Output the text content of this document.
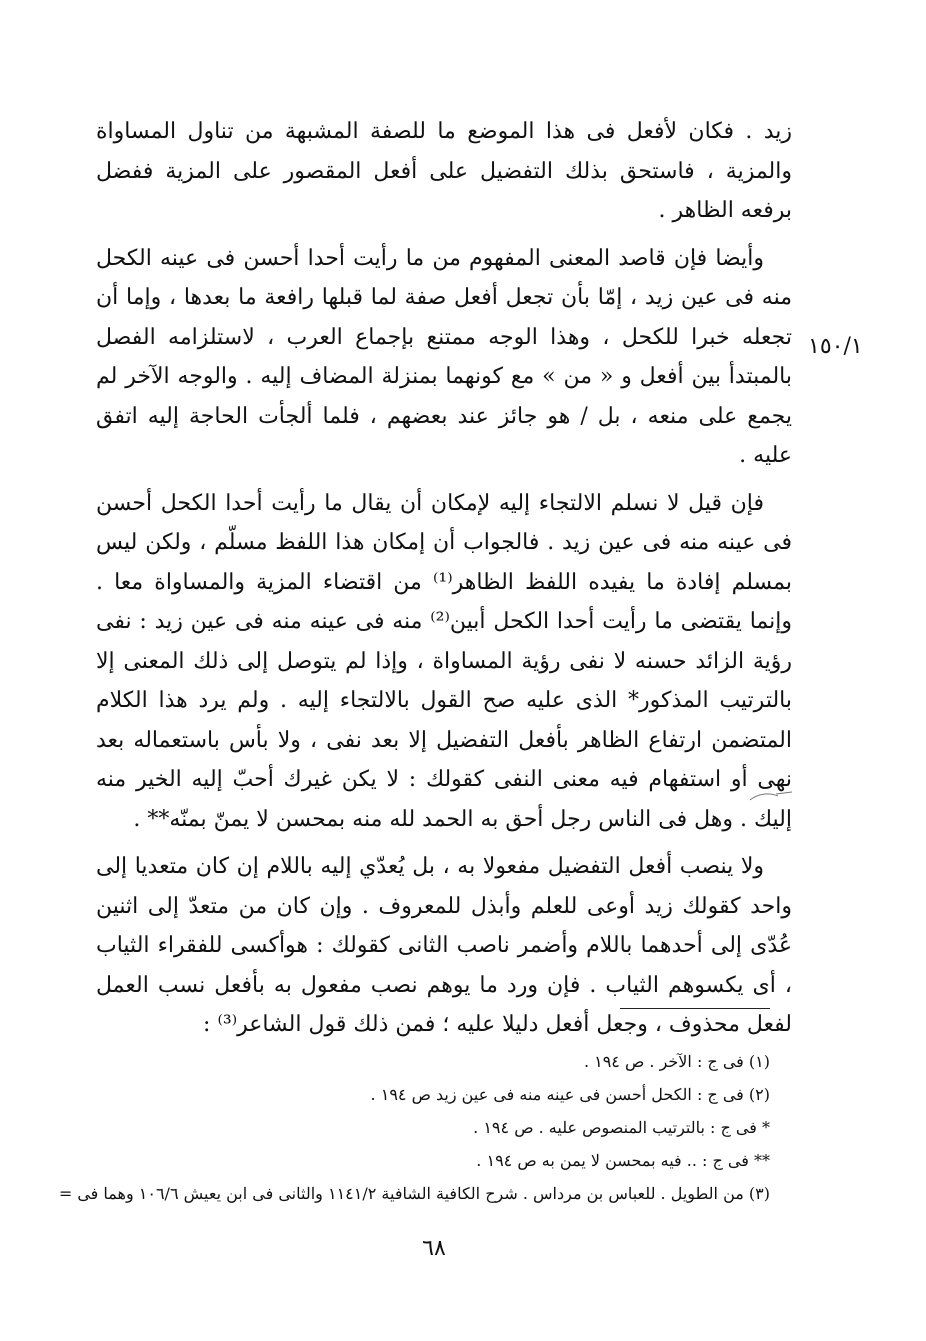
١٥٠/١

زيد . فكان لأفعل فى هذا الموضع ما للصفة المشبهة من تناول المساواة والمزية ، فاستحق بذلك التفضيل على أفعل المقصور على المزية ففضل برفعه الظاهر .

وأيضا فإن قاصد المعنى المفهوم من ما رأيت أحدا أحسن فى عينه الكحل منه فى عين زيد ، إمّا بأن تجعل أفعل صفة لما قبلها رافعة ما بعدها ، وإما أن تجعله خبرا للكحل ، وهذا الوجه ممتنع بإجماع العرب ، لاستلزامه الفصل بالمبتدأ بين أفعل و « من » مع كونهما بمنزلة المضاف إليه . والوجه الآخر لم يجمع على منعه ، بل / هو جائز عند بعضهم ، فلما ألجأت الحاجة إليه اتفق عليه .

فإن قيل لا نسلم الالتجاء إليه لإمكان أن يقال ما رأيت أحدا الكحل أحسن فى عينه منه فى عين زيد . فالجواب أن إمكان هذا اللفظ مسلّم ، ولكن ليس بمسلم إفادة ما يفيده اللفظ الظاهر⁽¹⁾ من اقتضاء المزية والمساواة معا . وإنما يقتضى ما رأيت أحدا الكحل أبين⁽²⁾ منه فى عينه منه فى عين زيد : نفى رؤية الزائد حسنه لا نفى رؤية المساواة ، وإذا لم يتوصل إلى ذلك المعنى إلا بالترتيب المذكور* الذى عليه صح القول بالالتجاء إليه . ولم يرد هذا الكلام المتضمن ارتفاع الظاهر بأفعل التفضيل إلا بعد نفى ، ولا بأس باستعماله بعد نهى أو استفهام فيه معنى النفى كقولك : لا يكن غيرك أحبّ إليه الخير منه إليك . وهل فى الناس رجل أحق به الحمد لله منه بمحسن لا يمنّ بمنّه** .

ولا ينصب أفعل التفضيل مفعولا به ، بل يُعدّي إليه باللام إن كان متعديا إلى واحد كقولك زيد أوعى للعلم وأبذل للمعروف . وإن كان من متعدّ إلى اثنين عُدّى إلى أحدهما باللام وأضمر ناصب الثانى كقولك : هوأكسى للفقراء الثياب ، أى يكسوهم الثياب . فإن ورد ما يوهم نصب مفعول به بأفعل نسب العمل لفعل محذوف ، وجعل أفعل دليلا عليه ؛ فمن ذلك قول الشاعر⁽³⁾ :

(١) فى ج : الآخر . ص ١٩٤ .
(٢) فى ج : الكحل أحسن فى عينه منه فى عين زيد ص ١٩٤ .
* فى ج : بالترتيب المنصوص عليه . ص ١٩٤ .
** فى ج : .. فيه بمحسن لا يمن به ص ١٩٤ .
(٣) من الطويل . للعباس بن مرداس . شرح الكافية الشافية ١١٤١/٢ والثانى فى ابن يعيش ١٠٦/٦ وهما فى =
٦٨
